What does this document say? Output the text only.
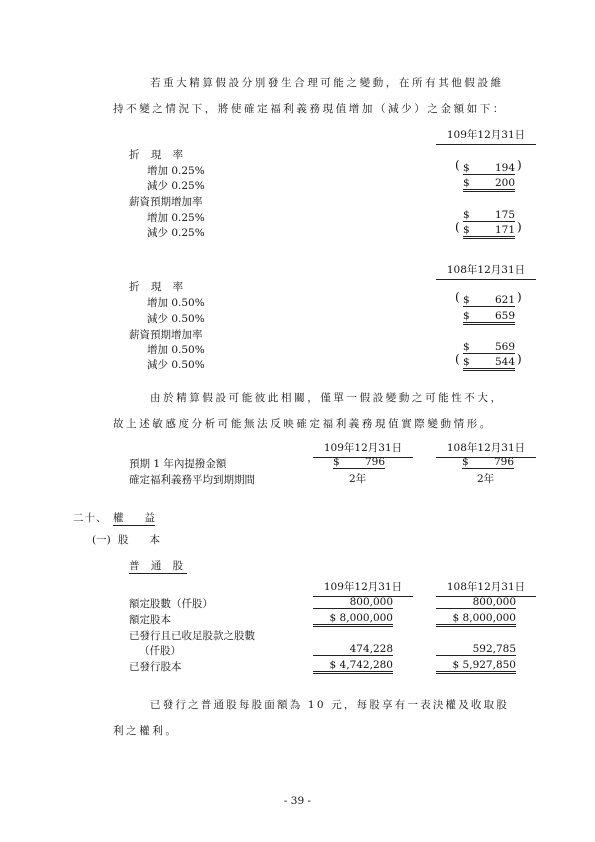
若重大精算假設分別發生合理可能之變動，在所有其他假設維
持不變之情況下，將使確定福利義務現值增加（減少）之金額如下：
109年12月31日
折 現 率
增加 0.25%	( $	194 )
減少 0.25%	$	200
薪資預期增加率
增加 0.25%	$	175
減少 0.25%	( $	171 )
108年12月31日
折 現 率
增加 0.50%	( $	621 )
減少 0.50%	$	659
薪資預期增加率
增加 0.50%	$	569
減少 0.50%	( $	544 )
由於精算假設可能彼此相關，僅單一假設變動之可能性不大，
故上述敏感度分析可能無法反映確定福利義務現值實際變動情形。
109年12月31日	108年12月31日
預期 1 年內提撥金額	$	796	$	796
確定福利義務平均到期期間	2年	2年
二十、 權　　益
(一) 股　　本
普 通 股
109年12月31日	108年12月31日
額定股數（仟股）	800,000	800,000
額定股本	$ 8,000,000	$ 8,000,000
已發行且已收足股款之股數
（仟股）	474,228	592,785
已發行股本	$ 4,742,280	$ 5,927,850
已發行之普通股每股面額為 10 元，每股享有一表決權及收取股
利之權利。
- 39 -
